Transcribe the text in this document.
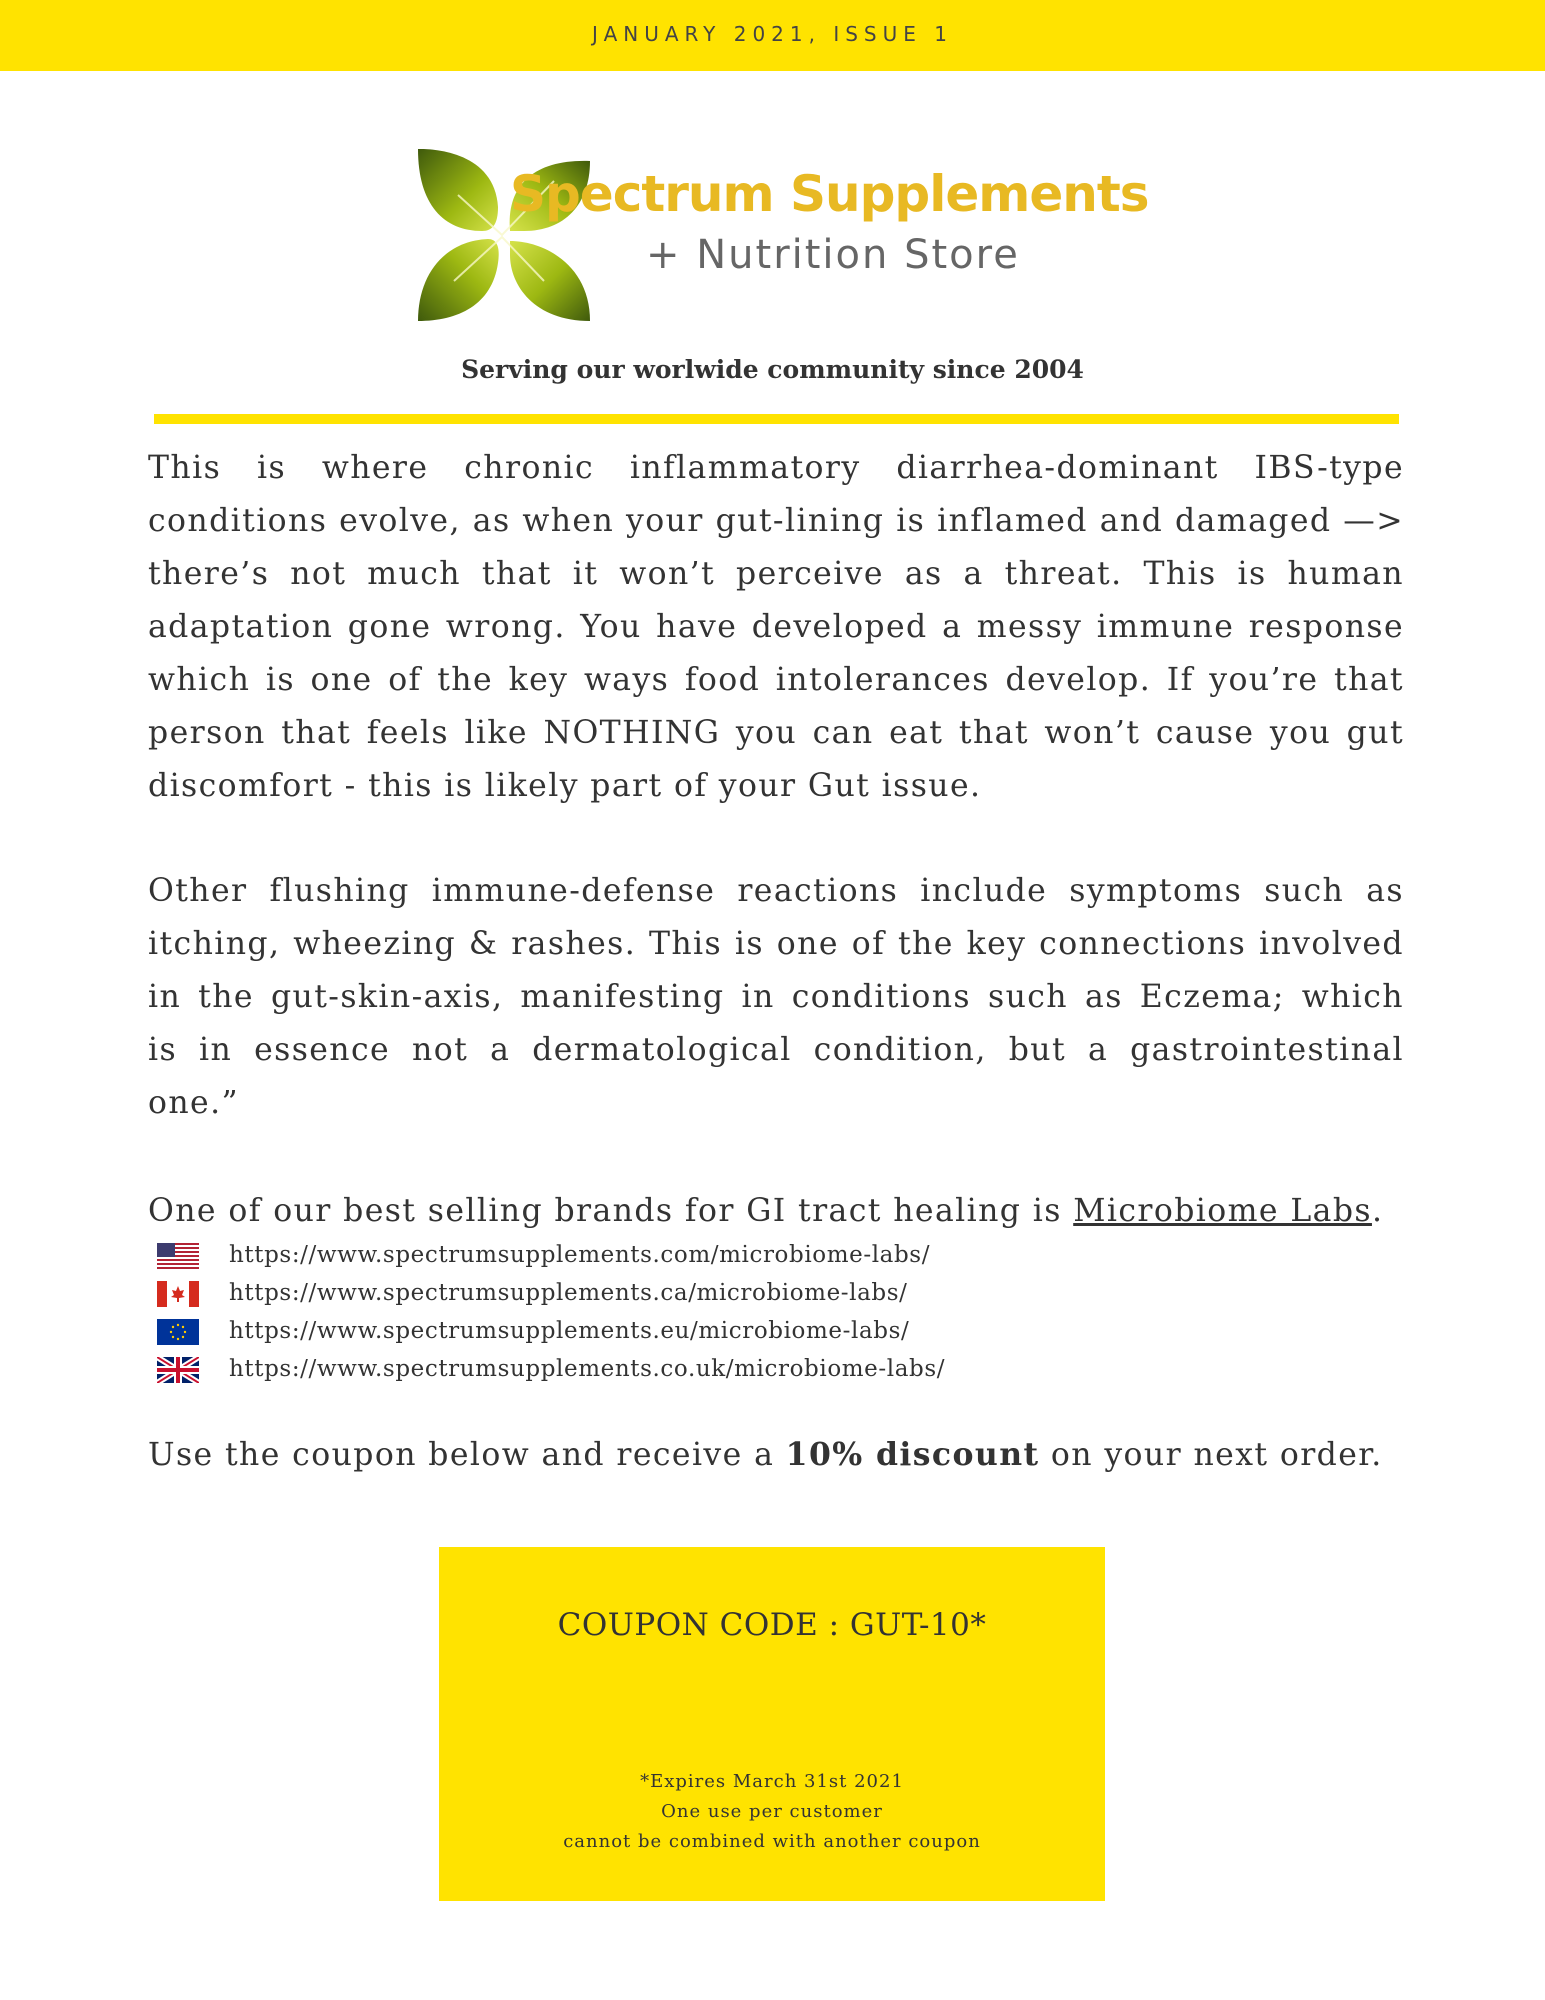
JANUARY 2021, ISSUE 1
Spectrum Supplements
+ Nutrition Store
Serving our worlwide community since 2004
This is where chronic inflammatory diarrhea-dominant IBS-type
conditions evolve, as when your gut-lining is inflamed and damaged —>
there’s not much that it won’t perceive as a threat. This is human
adaptation gone wrong. You have developed a messy immune response
which is one of the key ways food intolerances develop. If you’re that
person that feels like NOTHING you can eat that won’t cause you gut
discomfort - this is likely part of your Gut issue.
Other flushing immune-defense reactions include symptoms such as
itching, wheezing & rashes. This is one of the key connections involved
in the gut-skin-axis, manifesting in conditions such as Eczema; which
is in essence not a dermatological condition, but a gastrointestinal
one.”
One of our best selling brands for GI tract healing is Microbiome Labs.
https://www.spectrumsupplements.com/microbiome-labs/
https://www.spectrumsupplements.ca/microbiome-labs/
https://www.spectrumsupplements.eu/microbiome-labs/
https://www.spectrumsupplements.co.uk/microbiome-labs/
Use the coupon below and receive a 10% discount on your next order.
COUPON CODE : GUT-10*
*Expires March 31st 2021
One use per customer
cannot be combined with another coupon
